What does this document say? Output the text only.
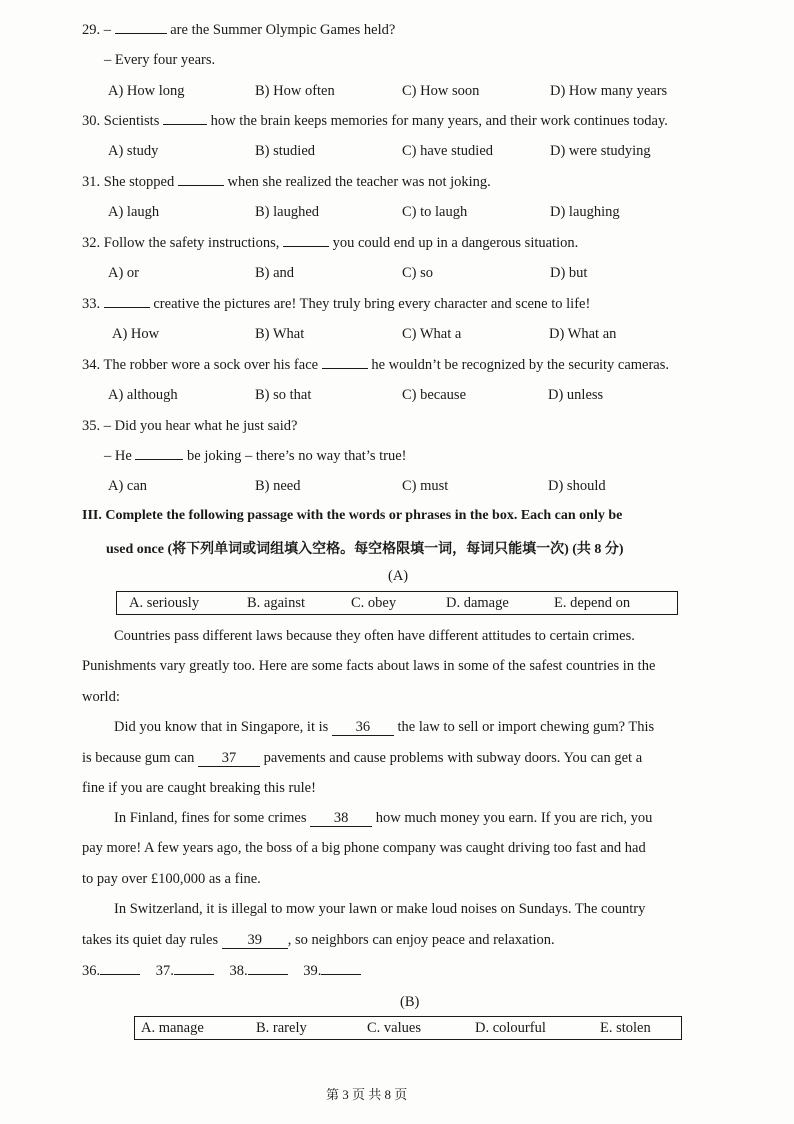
29. –	are the Summer Olympic Games held?
– Every four years.
A) How long	B) How often	C) How soon	D) How many years
30. Scientists	how the brain keeps memories for many years, and their work continues today.
A) study	B) studied	C) have studied	D) were studying
31. She stopped	when she realized the teacher was not joking.
A) laugh	B) laughed	C) to laugh	D) laughing
32. Follow the safety instructions,	you could end up in a dangerous situation.
A) or	B) and	C) so	D) but
33.	creative the pictures are! They truly bring every character and scene to life!
A) How	B) What	C) What a	D) What an
34. The robber wore a sock over his face	he wouldn’t be recognized by the security cameras.
A) although	B) so that	C) because	D) unless
35. – Did you hear what he just said?
– He	be joking – there’s no way that’s true!
A) can	B) need	C) must	D) should
III. Complete the following passage with the words or phrases in the box. Each can only be
used once (将下列单词或词组填入空格。每空格限填一词，每词只能填一次) (共 8 分)
(A)
A. seriously	B. against	C. obey	D. damage	E. depend on
Countries pass different laws because they often have different attitudes to certain crimes.
Punishments vary greatly too. Here are some facts about laws in some of the safest countries in the
world:
Did you know that in Singapore, it is 36 the law to sell or import chewing gum? This
is because gum can 37 pavements and cause problems with subway doors. You can get a
fine if you are caught breaking this rule!
In Finland, fines for some crimes 38 how much money you earn. If you are rich, you
pay more! A few years ago, the boss of a big phone company was caught driving too fast and had
to pay over £100,000 as a fine.
In Switzerland, it is illegal to mow your lawn or make loud noises on Sundays. The country
takes its quiet day rules 39 , so neighbors can enjoy peace and relaxation.
36.	37.	38.	39.
(B)
A. manage	B. rarely	C. values	D. colourful	E. stolen
第 3 页 共 8 页
